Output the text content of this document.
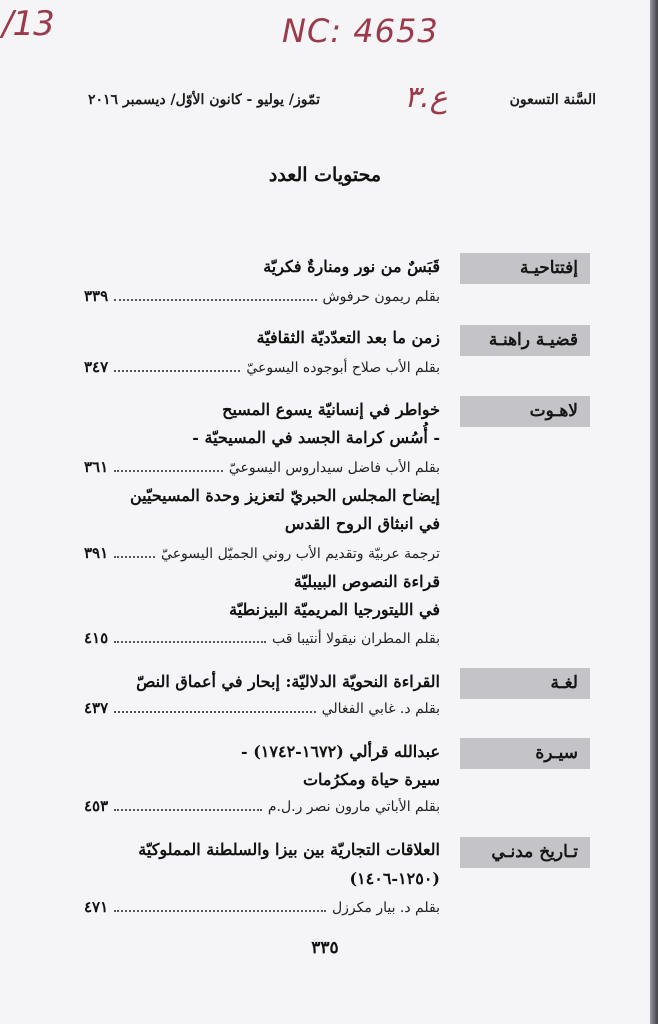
/13	NC: 4653
ع.٣	السَّنة التسعون
تمّوز/ يوليو - كانون الأوّل/ ديسمبر ٢٠١٦
محتويات العدد
إفتتاحيـة
قَبَسٌ من نور ومنارةٌ فكريّة
بقلم ريمون حرفوش
٣٣٩
قضيـة راهنـة
زمن ما بعد التعدّديّة الثقافيّة
بقلم الأب صلاح أبوجوده اليسوعيّ
٣٤٧
لاهـوت
خواطر في إنسانيّة يسوع المسيح
- أُسُس كرامة الجسد في المسيحيّة -
بقلم الأب فاضل سيداروس اليسوعيّ
٣٦١
إيضاح المجلس الحبريّ لتعزيز وحدة المسيحيّين
في انبثاق الروح القدس
ترجمة عربيّة وتقديم الأب روني الجميّل اليسوعيّ
٣٩١
قراءة النصوص البيبليّة
في الليتورجيا المريميّة البيزنطيّة
بقلم المطران نيقولا أنتيبا قب
٤١٥
لغـة
القراءة النحويّة الدلاليّة: إبحار في أعماق النصّ
بقلم د. غابي الفغالي
٤٣٧
سيـرة
عبدالله قرألي (١٦٧٢-١٧٤٢) -
سيرة حياة ومكرُمات
بقلم الأباتي مارون نصر ر.ل.م
٤٥٣
تـاريخ مدنـي
العلاقات التجاريّة بين بيزا والسلطنة المملوكيّة
(١٢٥٠-١٤٠٦)
بقلم د. بيار مكرزل
٤٧١
٣٣٥
